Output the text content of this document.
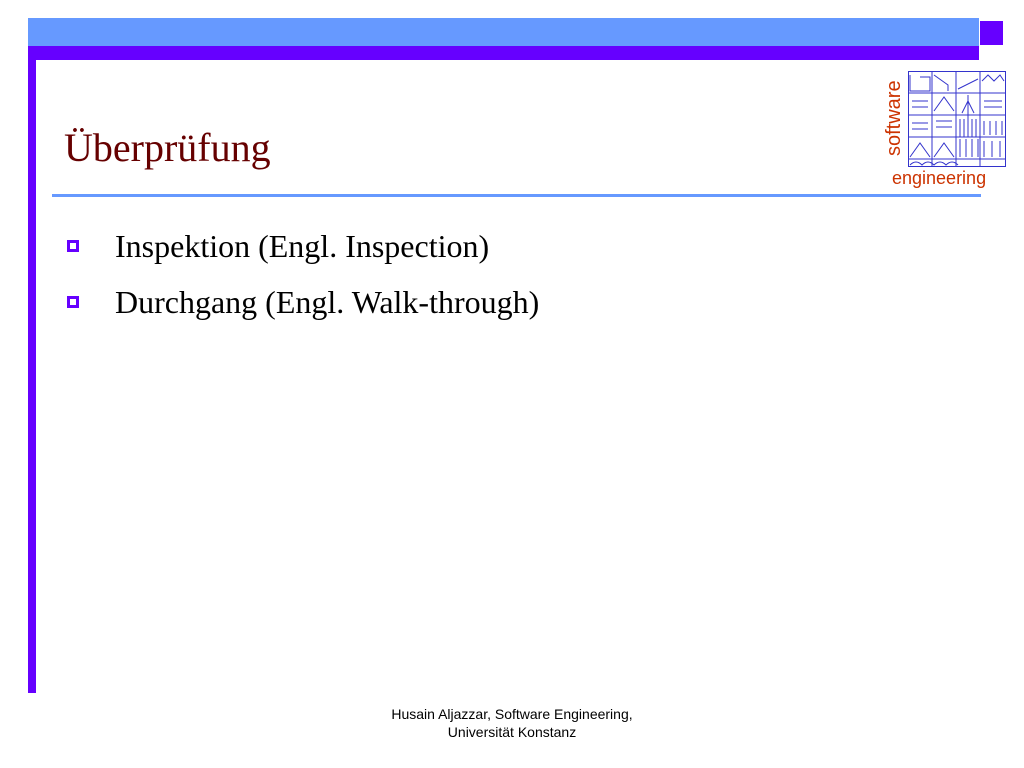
Überprüfung
Inspektion (Engl. Inspection)
Durchgang (Engl. Walk-through)
software
engineering
Husain Aljazzar, Software Engineering,
Universität Konstanz
